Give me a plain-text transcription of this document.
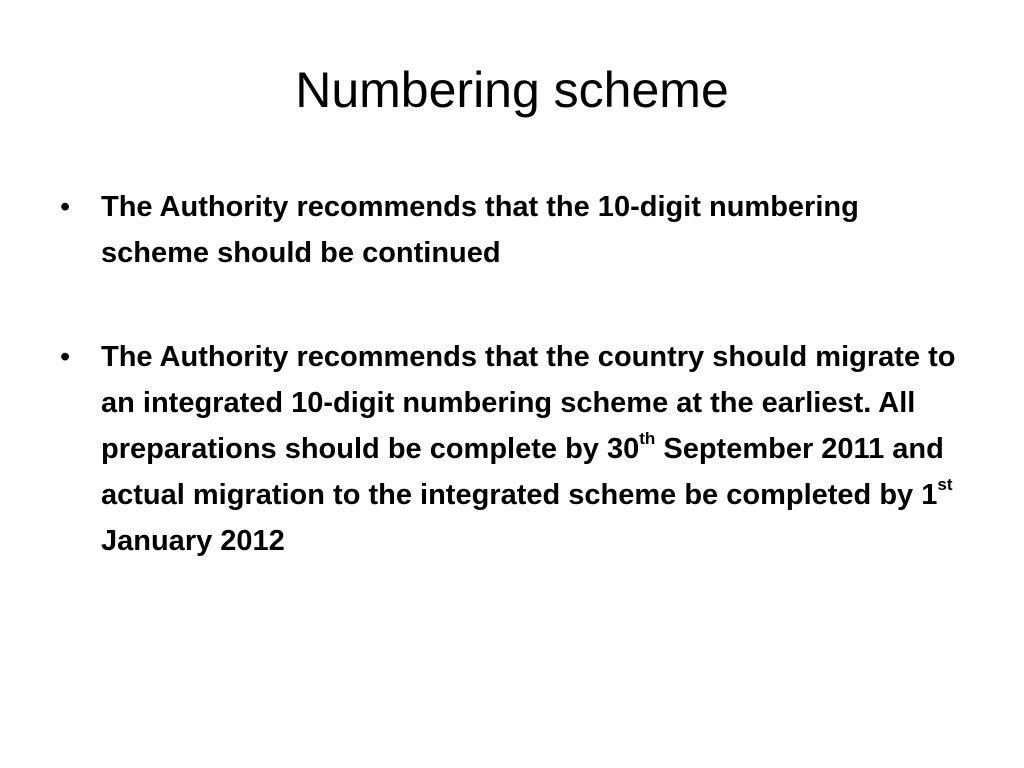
Numbering scheme
• The Authority recommends that the 10-digit numbering scheme should be continued
• The Authority recommends that the country should migrate to an integrated 10-digit numbering scheme at the earliest. All preparations should be complete by 30th September 2011 and actual migration to the integrated scheme be completed by 1st January 2012
